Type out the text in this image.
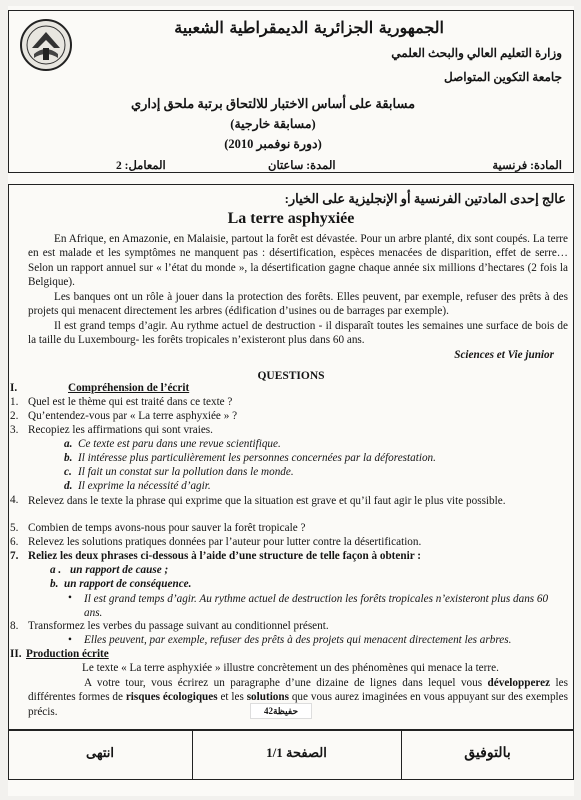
الجمهورية الجزائرية الديمقراطية الشعبية
وزارة التعليم العالي والبحث العلمي
جامعة التكوين المتواصل
مسابقة على أساس الاختبار للالتحاق برتبة ملحق إداري
(مسابقة خارجية)
(دورة نوفمبر 2010)
المادة: فرنسية
المدة: ساعتان
المعامل: 2
عالج إحدى المادتين الفرنسية أو الإنجليزية على الخيار:
La terre asphyxiée
En Afrique, en Amazonie, en Malaisie, partout la forêt est dévastée. Pour un arbre planté, dix sont coupés. La terre en est malade et les symptômes ne manquent pas : désertification, espèces menacées de disparition, effet de serre… Selon un rapport annuel sur « l’état du monde », la désertification gagne chaque année six millions d’hectares (2 fois la Belgique).
Les banques ont un rôle à jouer dans la protection des forêts. Elles peuvent, par exemple, refuser des prêts à des projets qui menacent directement les arbres (édification d’usines ou de barrages par exemple).
Il est grand temps d’agir. Au rythme actuel de destruction - il disparaît toutes les semaines une surface de bois de la taille du Luxembourg- les forêts tropicales n’existeront plus dans 60 ans.
Sciences et Vie junior
QUESTIONS
I.	Compréhension de l’écrit
1. Quel est le thème qui est traité dans ce texte ?
2. Qu’entendez-vous par « La terre asphyxiée » ?
3. Recopiez les affirmations qui sont vraies.
a. Ce texte est paru dans une revue scientifique.
b. Il intéresse plus particulièrement les personnes concernées par la déforestation.
c. Il fait un constat sur la pollution dans le monde.
d. Il exprime la nécessité d’agir.
4. Relevez dans le texte la phrase qui exprime que la situation est grave et qu’il faut agir le plus vite possible.
5. Combien de temps avons-nous pour sauver la forêt tropicale ?
6. Relevez les solutions pratiques données par l’auteur pour lutter contre la désertification.
7. Reliez les deux phrases ci-dessous à l’aide d’une structure de telle façon à obtenir :
a . un rapport de cause ;
b. un rapport de conséquence.
• Il est grand temps d’agir. Au rythme actuel de destruction les forêts tropicales n’existeront plus dans 60 ans.
8. Transformez les verbes du passage suivant au conditionnel présent.
• Elles peuvent, par exemple, refuser des prêts à des projets qui menacent directement les arbres.
II. Production écrite
Le texte « La terre asphyxiée » illustre concrètement un des phénomènes qui menace la terre.
A votre tour, vous écrirez un paragraphe d’une dizaine de lignes dans lequel vous développerez les différentes formes de risques écologiques et les solutions que vous aurez imaginées en vous appuyant sur des exemples précis.	حفيظة42
انتهى	الصفحة 1/1	بالتوفيق
